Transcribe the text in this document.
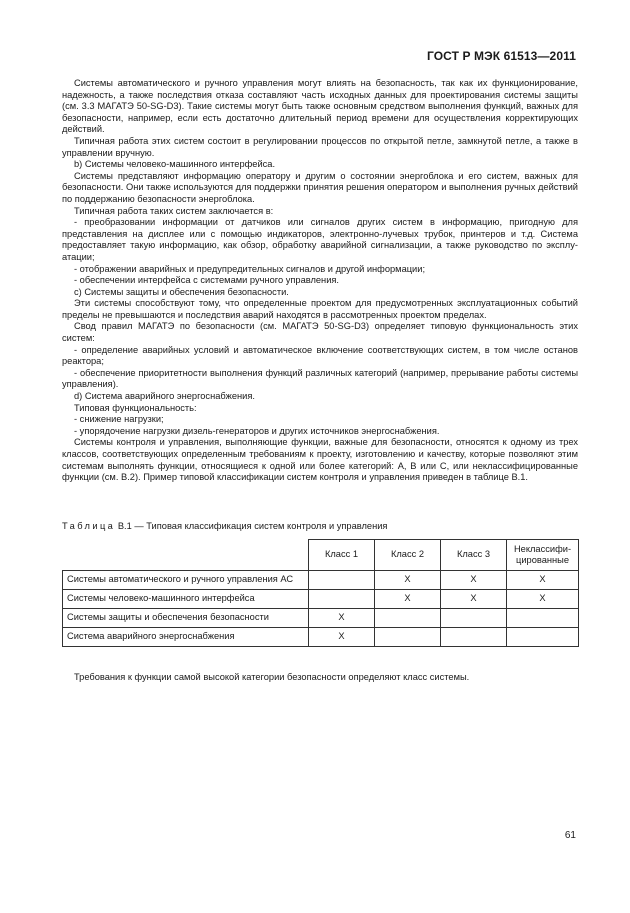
ГОСТ Р МЭК 61513—2011

Системы автоматического и ручного управления могут влиять на безопасность, так как их функционирование, надежность, а также последствия отказа составляют часть исходных данных для проектирования системы защиты (см. 3.3 МАГАТЭ 50-SG-D3). Такие системы могут быть также основным средством выполнения функций, важных для безопасности, например, если есть достаточно длительный период времени для осуществления корректирующих действий.

Типичная работа этих систем состоит в регулировании процессов по открытой петле, замкнутой петле, а также в управлении вручную.

b) Системы человеко-машинного интерфейса.

Системы представляют информацию оператору и другим о состоянии энергоблока и его систем, важных для безопасности. Они также используются для поддержки принятия решения оператором и выполнения ручных действий по поддержанию безопасности энергоблока.

Типичная работа таких систем заключается в:

- преобразовании информации от датчиков или сигналов других систем в информацию, пригодную для представления на дисплее или с помощью индикаторов, электронно-лучевых трубок, принтеров и т.д. Система предоставляет такую информацию, как обзор, обработку аварийной сигнализации, а также руководство по эксплуатации;

- отображении аварийных и предупредительных сигналов и другой информации;

- обеспечении интерфейса с системами ручного управления.

c) Системы защиты и обеспечения безопасности.

Эти системы способствуют тому, что определенные проектом для предусмотренных эксплуатационных событий пределы не превышаются и последствия аварий находятся в рассмотренных проектом пределах.

Свод правил МАГАТЭ по безопасности (см. МАГАТЭ 50-SG-D3) определяет типовую функциональность этих систем:

- определение аварийных условий и автоматическое включение соответствующих систем, в том числе останов реактора;

- обеспечение приоритетности выполнения функций различных категорий (например, прерывание работы системы управления).

d) Система аварийного энергоснабжения.

Типовая функциональность:

- снижение нагрузки;

- упорядочение нагрузки дизель-генераторов и других источников энергоснабжения.

Системы контроля и управления, выполняющие функции, важные для безопасности, относятся к одному из трех классов, соответствующих определенным требованиям к проекту, изготовлению и качеству, которые позволяют этим системам выполнять функции, относящиеся к одной или более категорий: А, В или С, или неклассифицированные функции (см. В.2). Пример типовой классификации систем контроля и управления приведен в таблице В.1.

Таблица В.1 — Типовая классификация систем контроля и управления
	Класс 1	Класс 2	Класс 3	Неклассифицированные
Системы автоматического и ручного управления АС		Х	Х	Х
Системы человеко-машинного интерфейса		Х	Х	Х
Системы защиты и обеспечения безопасности	Х			
Система аварийного энергоснабжения	Х			

Требования к функции самой высокой категории безопасности определяют класс системы.

61
